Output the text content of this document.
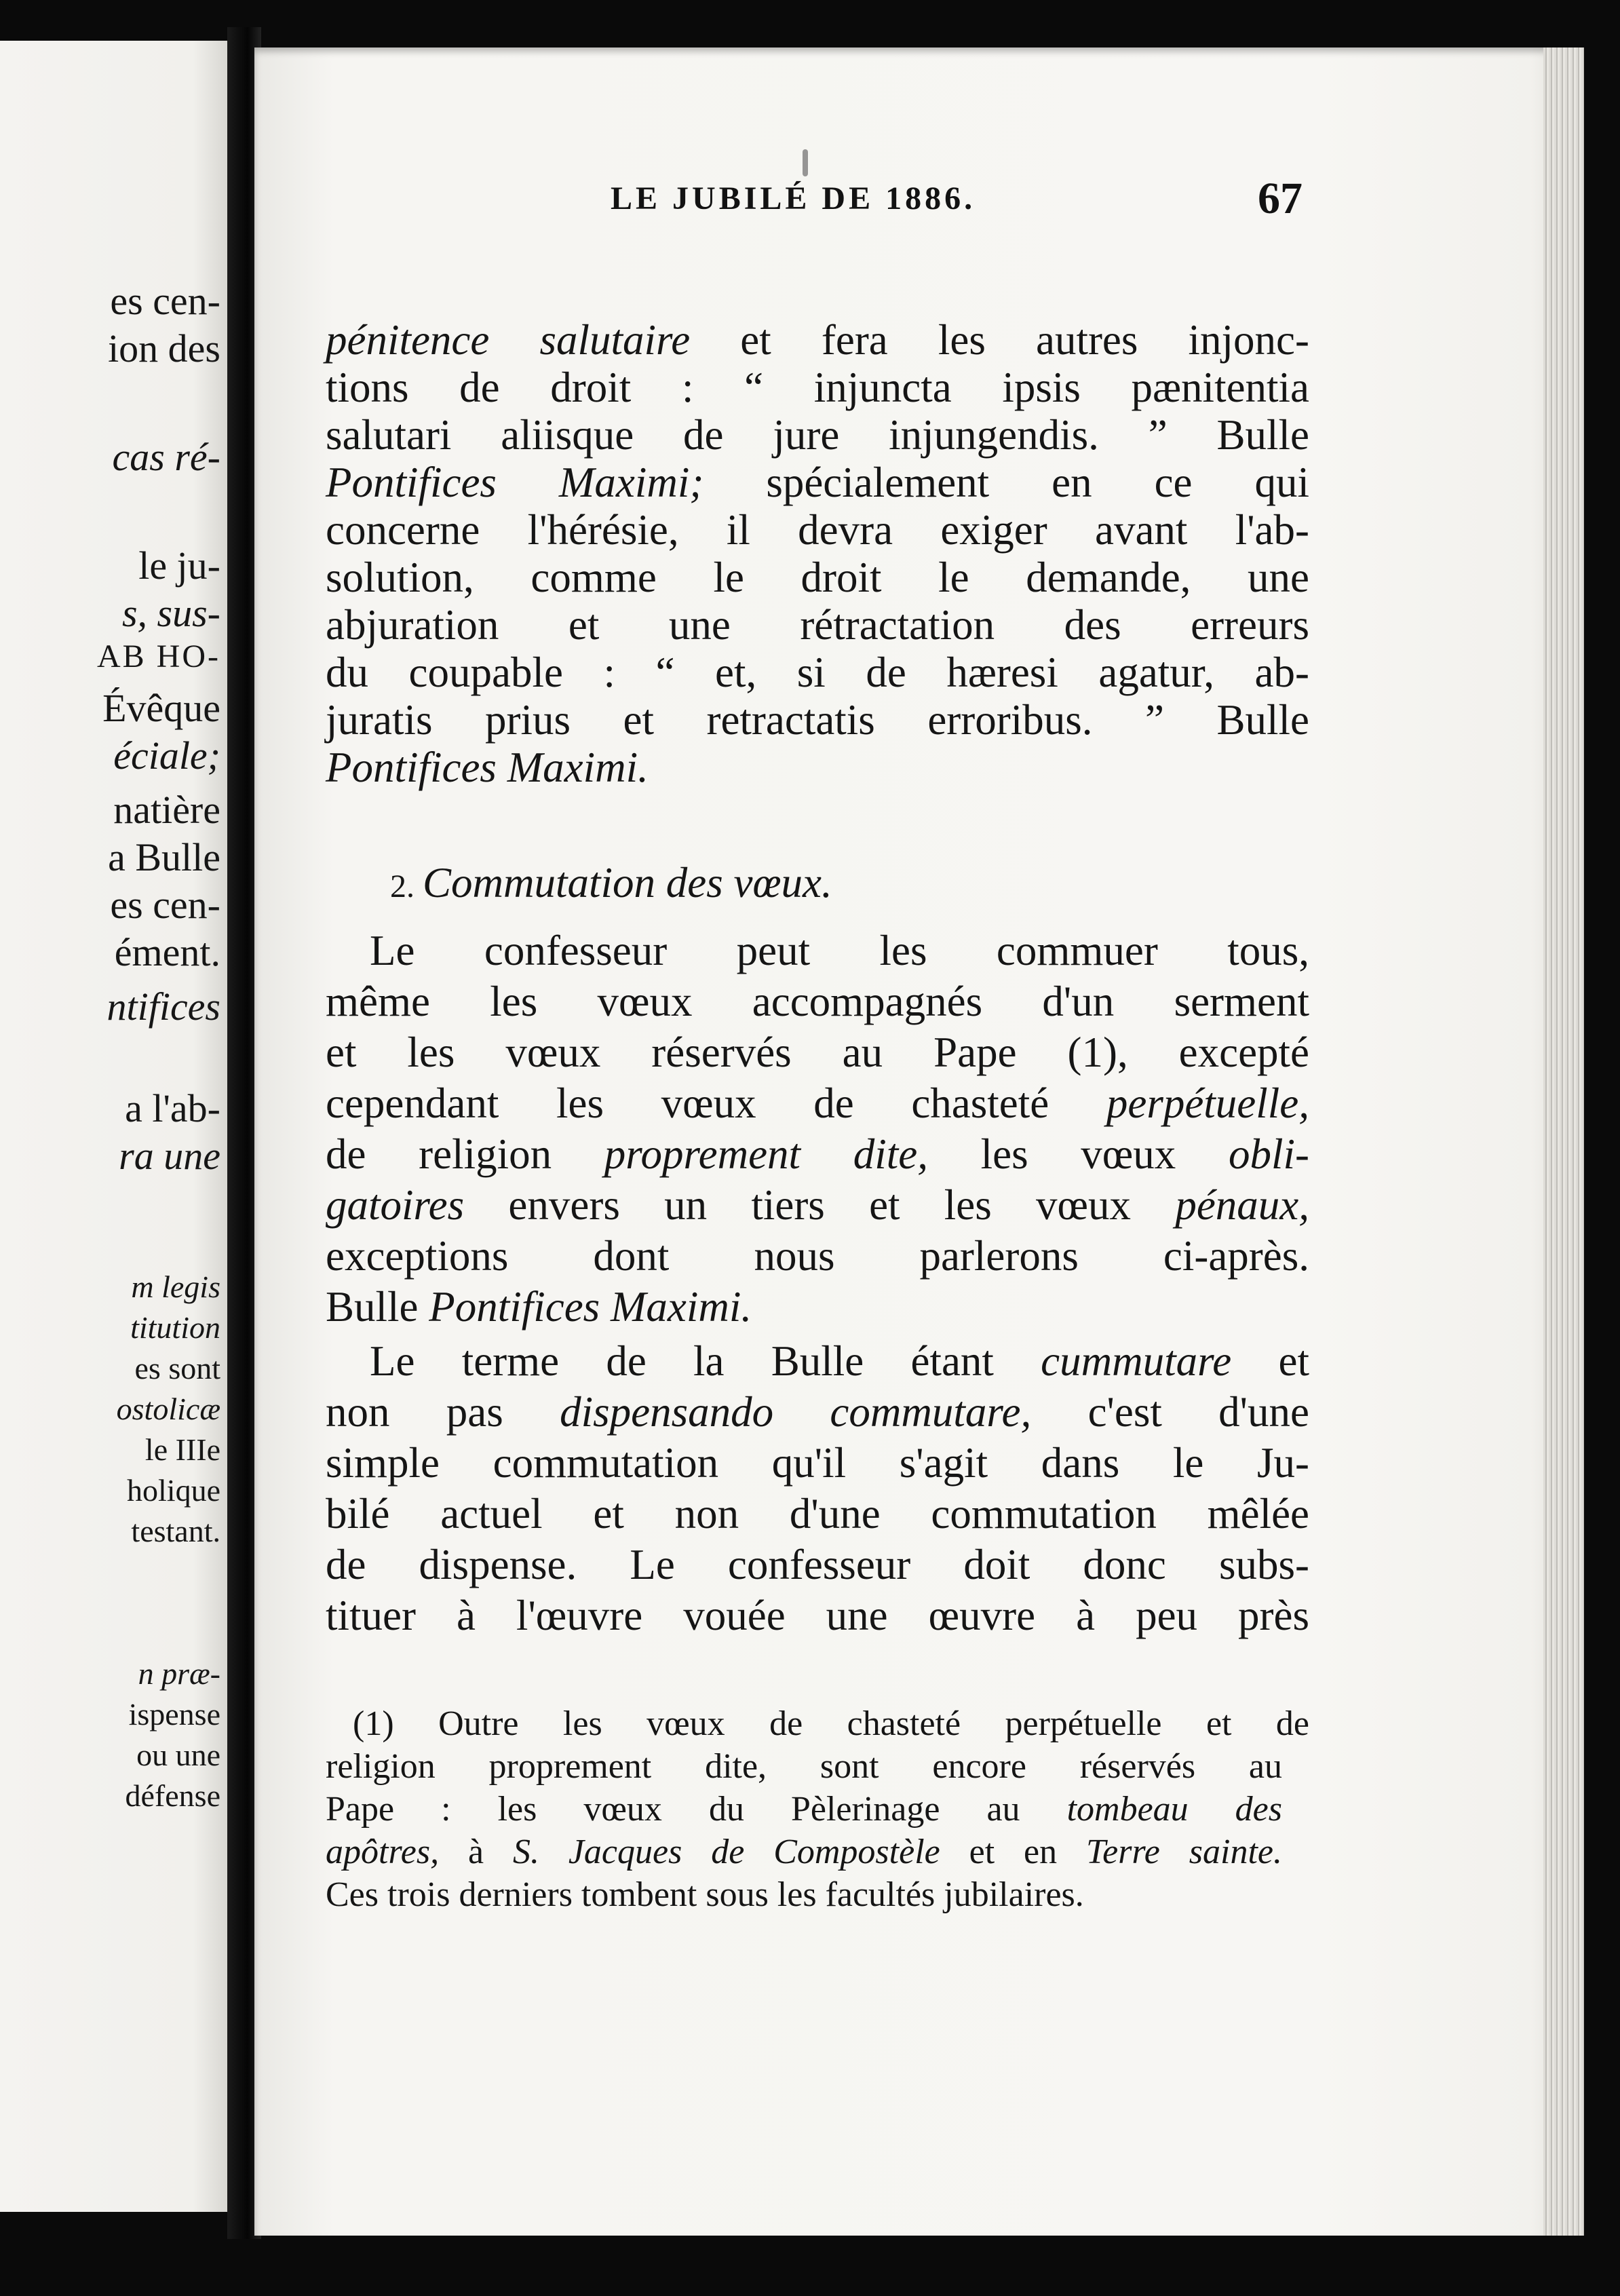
es cen-
ion des
cas ré-
le ju-
s, sus-
AB HO-
Évêque
éciale;
natière
a Bulle
es cen-
ément.
ntifices
a l'ab-
ra une
m legis
titution
es sont
ostolicæ
le IIIe
holique
testant.
n præ-
ispense
ou une
défense
LE JUBILÉ DE 1886.	67
pénitence salutaire et fera les autres injonc-
tions de droit : “ injuncta ipsis pænitentia
salutari aliisque de jure injungendis. ” Bulle
Pontifices Maximi; spécialement en ce qui
concerne l'hérésie, il devra exiger avant l'ab-
solution, comme le droit le demande, une
abjuration et une rétractation des erreurs
du coupable : “ et, si de hæresi agatur, ab-
juratis prius et retractatis erroribus. ” Bulle
Pontifices Maximi.
2. Commutation des vœux.
Le confesseur peut les commuer tous,
même les vœux accompagnés d'un serment
et les vœux réservés au Pape (1), excepté
cependant les vœux de chasteté perpétuelle,
de religion proprement dite, les vœux obli-
gatoires envers un tiers et les vœux pénaux,
exceptions dont nous parlerons ci-après.
Bulle Pontifices Maximi.
Le terme de la Bulle étant cummutare et
non pas dispensando commutare, c'est d'une
simple commutation qu'il s'agit dans le Ju-
bilé actuel et non d'une commutation mêlée
de dispense. Le confesseur doit donc subs-
tituer à l'œuvre vouée une œuvre à peu près
(1) Outre les vœux de chasteté perpétuelle et de
religion proprement dite, sont encore réservés au
Pape : les vœux du Pèlerinage au tombeau des
apôtres, à S. Jacques de Compostèle et en Terre sainte.
Ces trois derniers tombent sous les facultés jubilaires.
